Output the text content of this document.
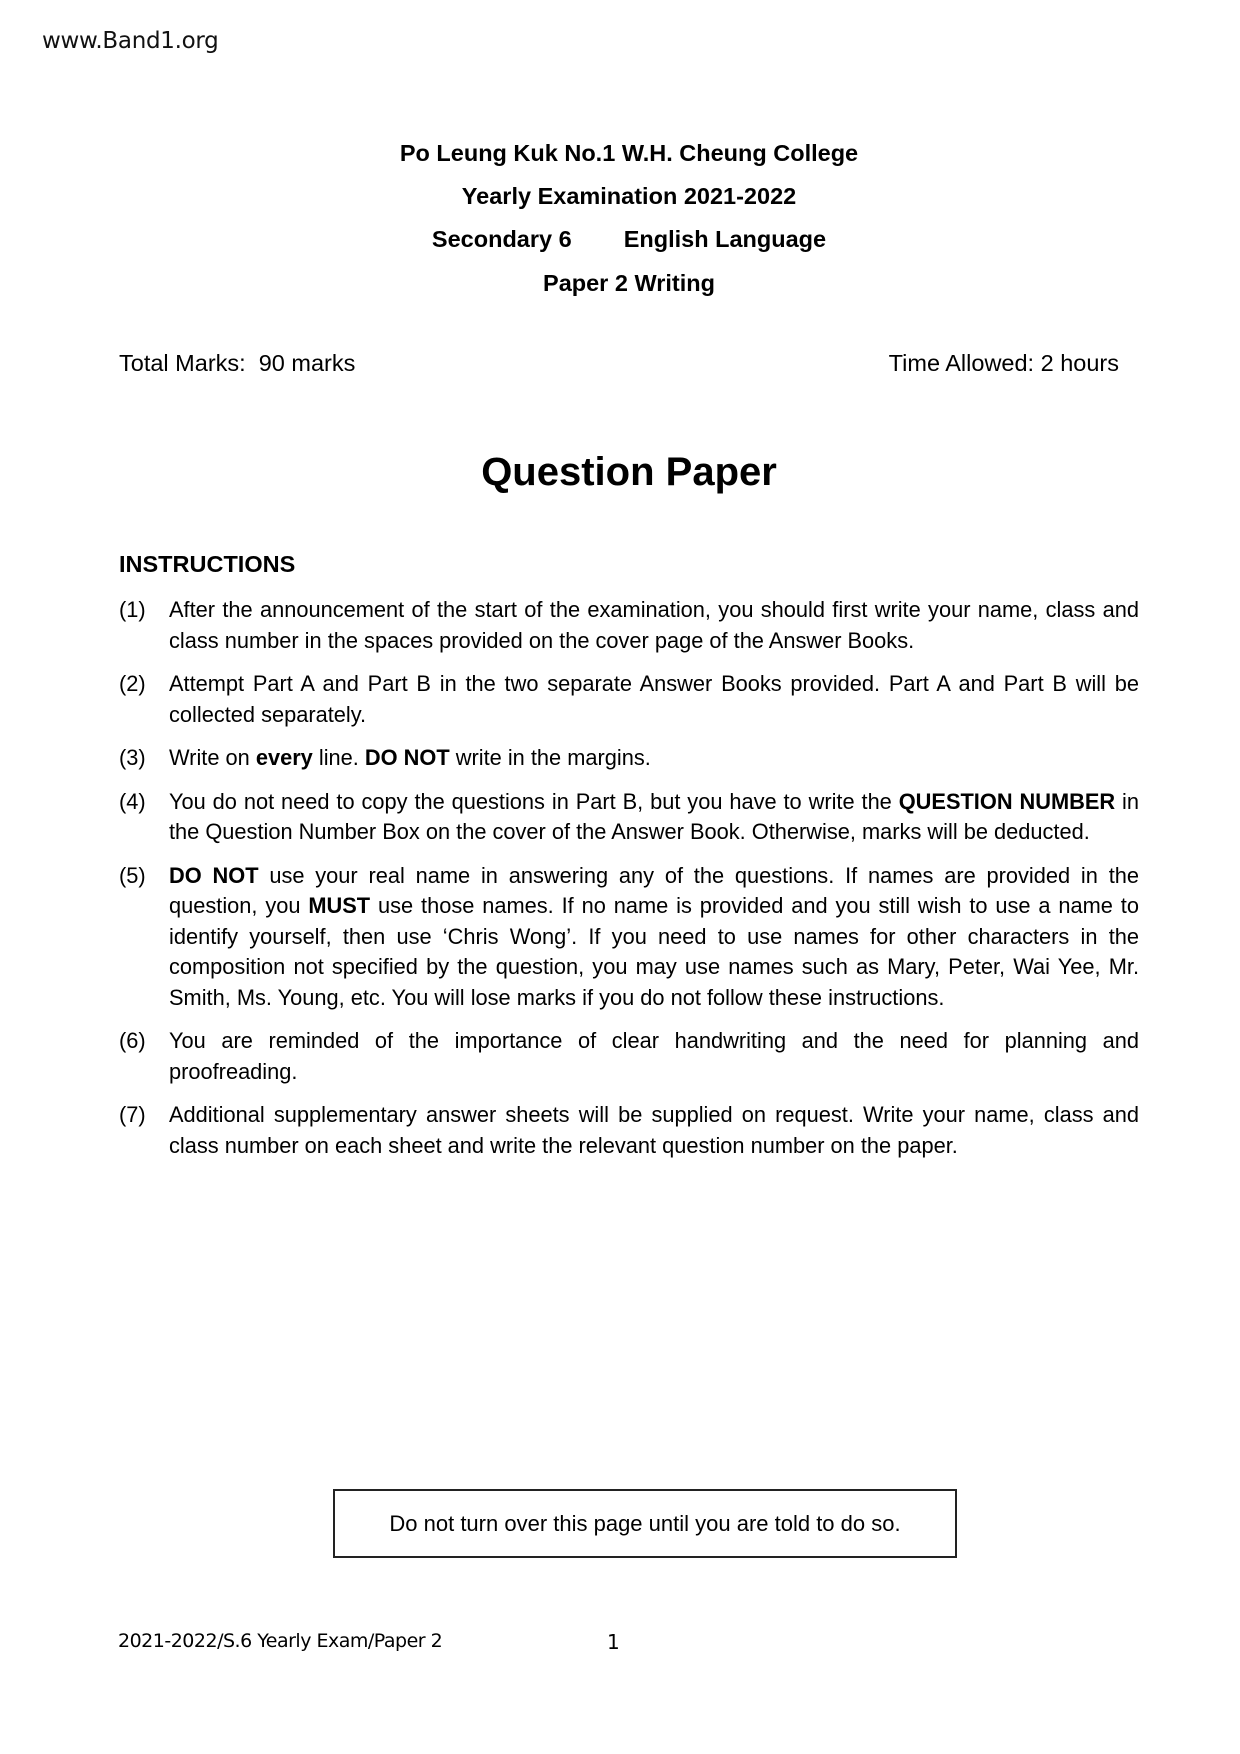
www.Band1.org
Po Leung Kuk No.1 W.H. Cheung College
Yearly Examination 2021-2022
Secondary 6 English Language
Paper 2 Writing
Total Marks:  90 marks	Time Allowed: 2 hours
Question Paper
INSTRUCTIONS
(1)	After the announcement of the start of the examination, you should first write your name, class and class number in the spaces provided on the cover page of the Answer Books.
(2)	Attempt Part A and Part B in the two separate Answer Books provided. Part A and Part B will be collected separately.
(3)	Write on every line. DO NOT write in the margins.
(4)	You do not need to copy the questions in Part B, but you have to write the QUESTION NUMBER in the Question Number Box on the cover of the Answer Book. Otherwise, marks will be deducted.
(5)	DO NOT use your real name in answering any of the questions. If names are provided in the question, you MUST use those names. If no name is provided and you still wish to use a name to identify yourself, then use ‘Chris Wong’. If you need to use names for other characters in the composition not specified by the question, you may use names such as Mary, Peter, Wai Yee, Mr. Smith, Ms. Young, etc. You will lose marks if you do not follow these instructions.
(6)	You are reminded of the importance of clear handwriting and the need for planning and proofreading.
(7)	Additional supplementary answer sheets will be supplied on request. Write your name, class and class number on each sheet and write the relevant question number on the paper.
Do not turn over this page until you are told to do so.
2021-2022/S.6 Yearly Exam/Paper 2	1
